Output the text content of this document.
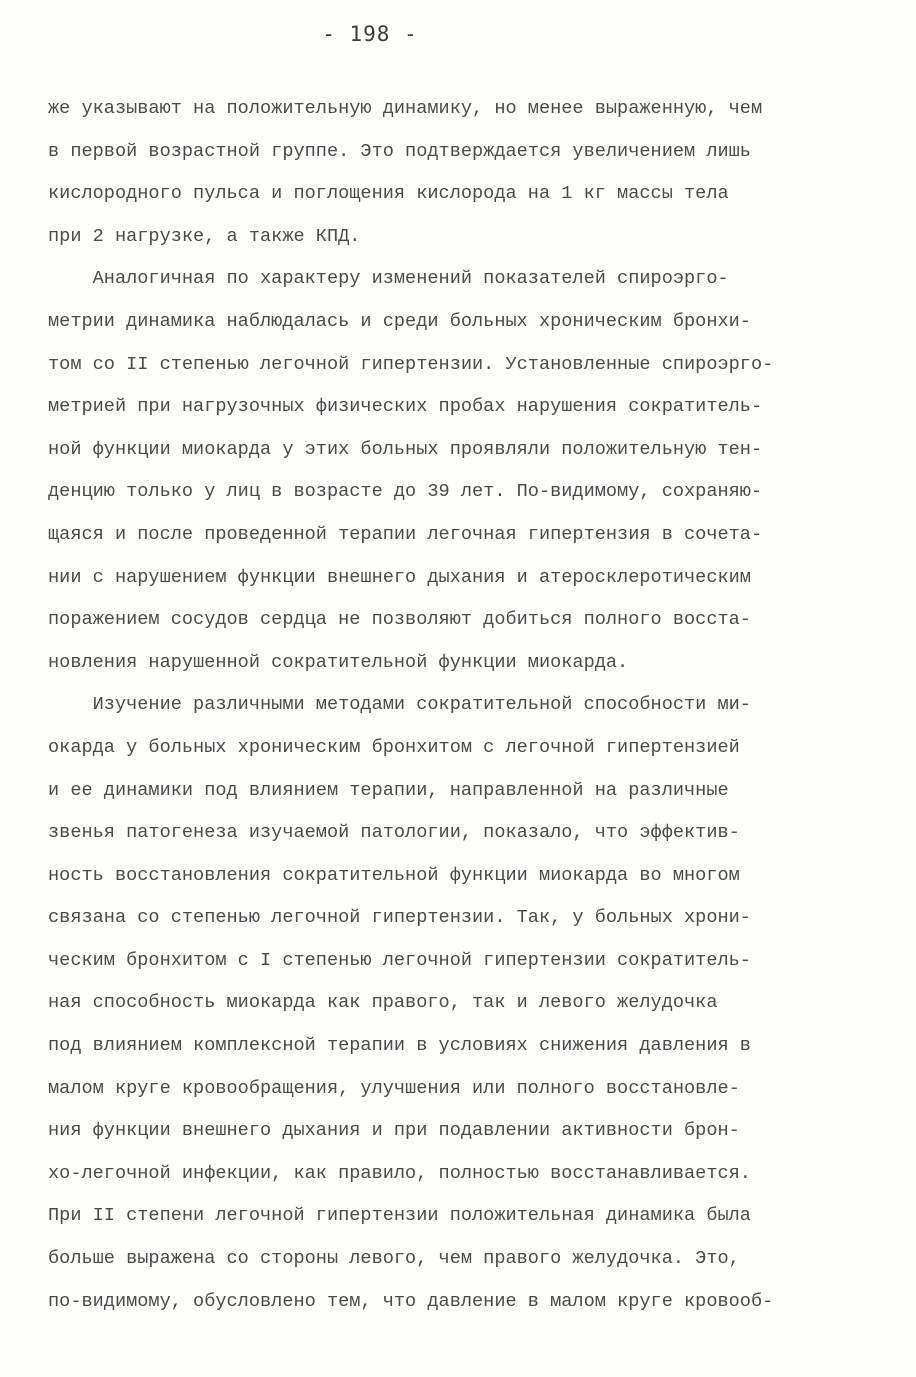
- 198 -
же указывают на положительную динамику, но менее выраженную, чем
в первой возрастной группе. Это подтверждается увеличением лишь
кислородного пульса и поглощения кислорода на 1 кг массы тела
при 2 нагрузке, а также КПД.
Аналогичная по характеру изменений показателей спироэрго-
метрии динамика наблюдалась и среди больных хроническим бронхи-
том со II степенью легочной гипертензии. Установленные спироэрго-
метрией при нагрузочных физических пробах нарушения сократитель-
ной функции миокарда у этих больных проявляли положительную тен-
денцию только у лиц в возрасте до 39 лет. По-видимому, сохраняю-
щаяся и после проведенной терапии легочная гипертензия в сочета-
нии с нарушением функции внешнего дыхания и атеросклеротическим
поражением сосудов сердца не позволяют добиться полного восста-
новления нарушенной сократительной функции миокарда.
Изучение различными методами сократительной способности ми-
окарда у больных хроническим бронхитом с легочной гипертензией
и ее динамики под влиянием терапии, направленной на различные
звенья патогенеза изучаемой патологии, показало, что эффектив-
ность восстановления сократительной функции миокарда во многом
связана со степенью легочной гипертензии. Так, у больных хрони-
ческим бронхитом с I степенью легочной гипертензии сократитель-
ная способность миокарда как правого, так и левого желудочка
под влиянием комплексной терапии в условиях снижения давления в
малом круге кровообращения, улучшения или полного восстановле-
ния функции внешнего дыхания и при подавлении активности брон-
хо-легочной инфекции, как правило, полностью восстанавливается.
При II степени легочной гипертензии положительная динамика была
больше выражена со стороны левого, чем правого желудочка. Это,
по-видимому, обусловлено тем, что давление в малом круге кровооб-
